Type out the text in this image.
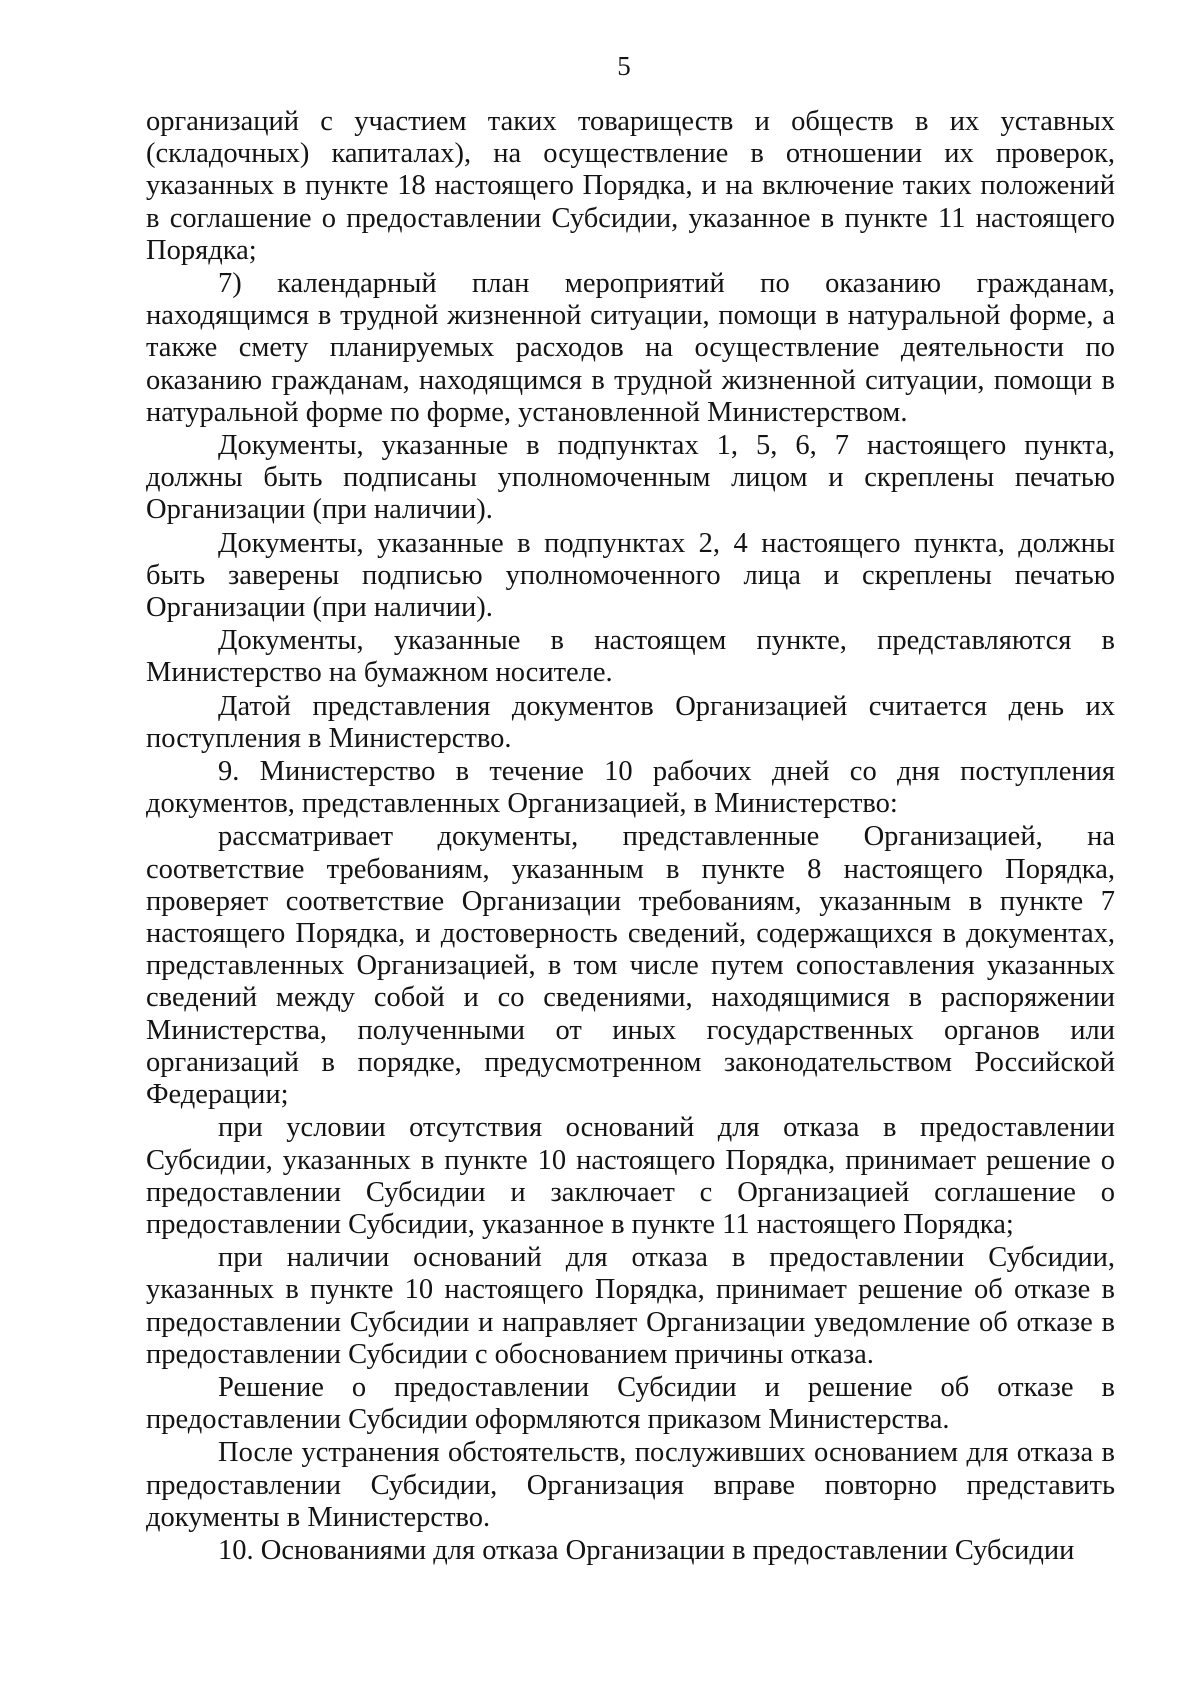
5

организаций с участием таких товариществ и обществ в их уставных (складочных) капиталах), на осуществление в отношении их проверок, указанных в пункте 18 настоящего Порядка, и на включение таких положений в соглашение о предоставлении Субсидии, указанное в пункте 11 настоящего Порядка;

7) календарный план мероприятий по оказанию гражданам, находящимся в трудной жизненной ситуации, помощи в натуральной форме, а также смету планируемых расходов на осуществление деятельности по оказанию гражданам, находящимся в трудной жизненной ситуации, помощи в натуральной форме по форме, установленной Министерством.

Документы, указанные в подпунктах 1, 5, 6, 7 настоящего пункта, должны быть подписаны уполномоченным лицом и скреплены печатью Организации (при наличии).

Документы, указанные в подпунктах 2, 4 настоящего пункта, должны быть заверены подписью уполномоченного лица и скреплены печатью Организации (при наличии).

Документы, указанные в настоящем пункте, представляются в Министерство на бумажном носителе.

Датой представления документов Организацией считается день их поступления в Министерство.

9. Министерство в течение 10 рабочих дней со дня поступления документов, представленных Организацией, в Министерство:

рассматривает документы, представленные Организацией, на соответствие требованиям, указанным в пункте 8 настоящего Порядка, проверяет соответствие Организации требованиям, указанным в пункте 7 настоящего Порядка, и достоверность сведений, содержащихся в документах, представленных Организацией, в том числе путем сопоставления указанных сведений между собой и со сведениями, находящимися в распоряжении Министерства, полученными от иных государственных органов или организаций в порядке, предусмотренном законодательством Российской Федерации;

при условии отсутствия оснований для отказа в предоставлении Субсидии, указанных в пункте 10 настоящего Порядка, принимает решение о предоставлении Субсидии и заключает с Организацией соглашение о предоставлении Субсидии, указанное в пункте 11 настоящего Порядка;

при наличии оснований для отказа в предоставлении Субсидии, указанных в пункте 10 настоящего Порядка, принимает решение об отказе в предоставлении Субсидии и направляет Организации уведомление об отказе в предоставлении Субсидии с обоснованием причины отказа.

Решение о предоставлении Субсидии и решение об отказе в предоставлении Субсидии оформляются приказом Министерства.

После устранения обстоятельств, послуживших основанием для отказа в предоставлении Субсидии, Организация вправе повторно представить документы в Министерство.

10. Основаниями для отказа Организации в предоставлении Субсидии
